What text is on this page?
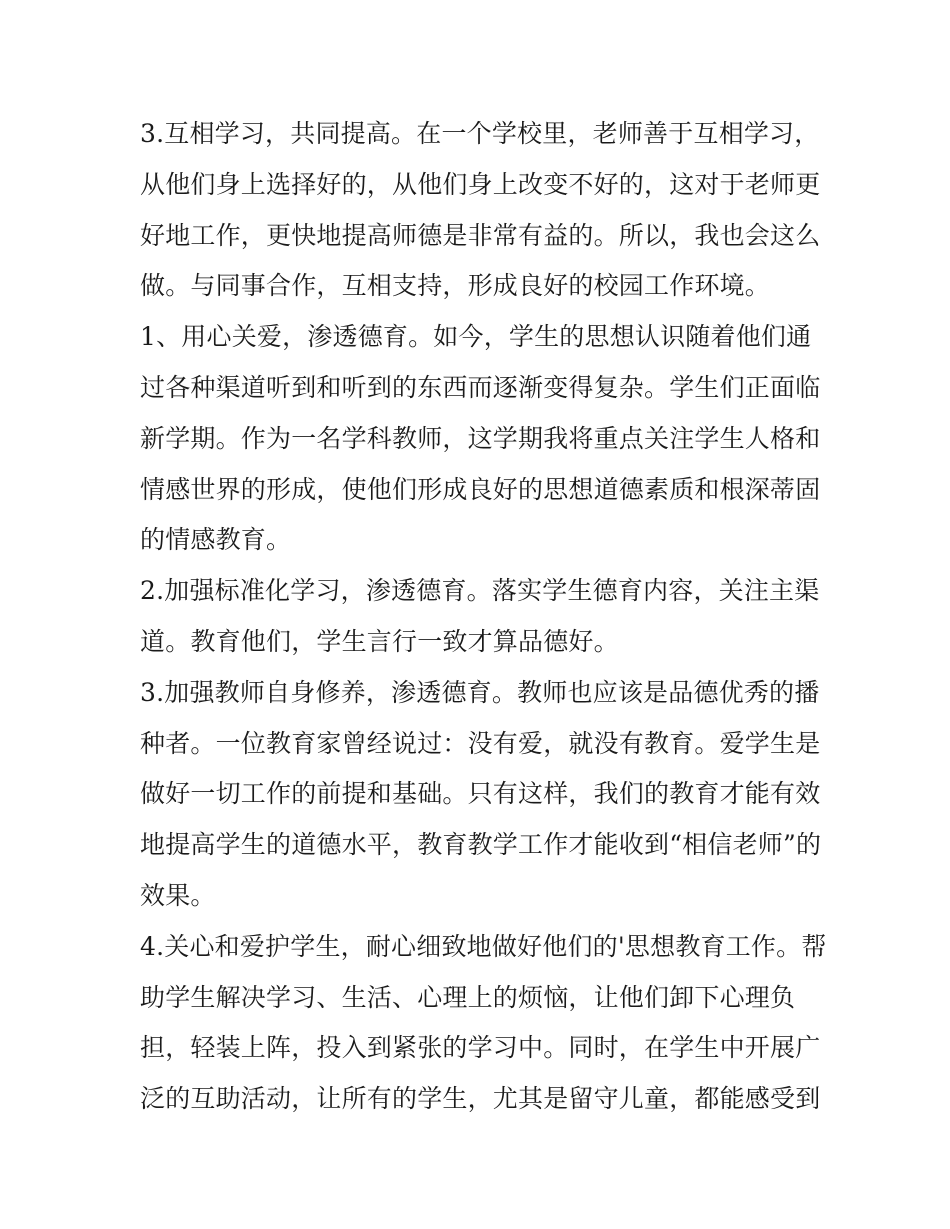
3.互相学习，共同提高。在一个学校里，老师善于互相学习，
从他们身上选择好的，从他们身上改变不好的，这对于老师更
好地工作，更快地提高师德是非常有益的。所以，我也会这么
做。与同事合作，互相支持，形成良好的校园工作环境。
1、用心关爱，渗透德育。如今，学生的思想认识随着他们通
过各种渠道听到和听到的东西而逐渐变得复杂。学生们正面临
新学期。作为一名学科教师，这学期我将重点关注学生人格和
情感世界的形成，使他们形成良好的思想道德素质和根深蒂固
的情感教育。
2.加强标准化学习，渗透德育。落实学生德育内容，关注主渠
道。教育他们，学生言行一致才算品德好。
3.加强教师自身修养，渗透德育。教师也应该是品德优秀的播
种者。一位教育家曾经说过：没有爱，就没有教育。爱学生是
做好一切工作的前提和基础。只有这样，我们的教育才能有效
地提高学生的道德水平，教育教学工作才能收到“相信老师”的
效果。
4.关心和爱护学生，耐心细致地做好他们的'思想教育工作。帮
助学生解决学习、生活、心理上的烦恼，让他们卸下心理负
担，轻装上阵，投入到紧张的学习中。同时，在学生中开展广
泛的互助活动，让所有的学生，尤其是留守儿童，都能感受到
